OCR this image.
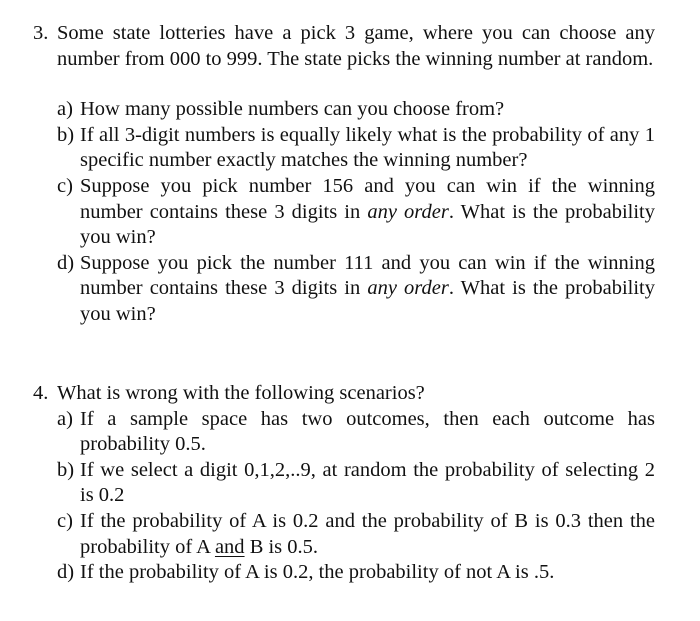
3. Some state lotteries have a pick 3 game, where you can choose any number from 000 to 999. The state picks the winning number at random.
a) How many possible numbers can you choose from?
b) If all 3-digit numbers is equally likely what is the probability of any 1 specific number exactly matches the winning number?
c) Suppose you pick number 156 and you can win if the winning number contains these 3 digits in any order. What is the probability you win?
d) Suppose you pick the number 111 and you can win if the winning number contains these 3 digits in any order. What is the probability you win?
4. What is wrong with the following scenarios?
a) If a sample space has two outcomes, then each outcome has probability 0.5.
b) If we select a digit 0,1,2,..9, at random the probability of selecting 2 is 0.2
c) If the probability of A is 0.2 and the probability of B is 0.3 then the probability of A and B is 0.5.
d) If the probability of A is 0.2, the probability of not A is .5.
